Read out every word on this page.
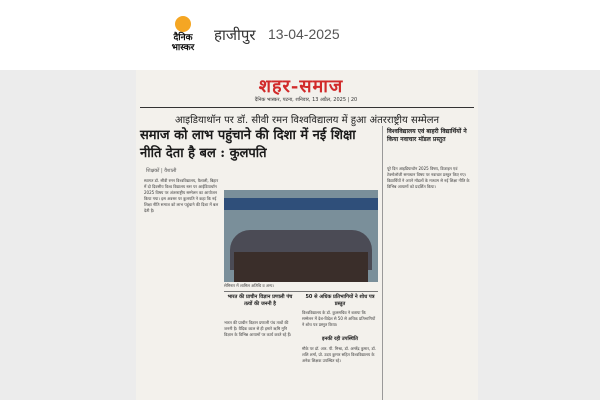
दैनिक भास्कर
हाजीपुर 13-04-2025
शहर-समाज
दैनिक भास्कर, पटना, शनिवार, 13 अप्रैल, 2025 | 20
आइडियाथॉन पर डॉ. सीवी रमन विश्वविद्यालय में हुआ अंतरराष्ट्रीय सम्मेलन
समाज को लाभ पहुंचाने की दिशा में नई शिक्षा नीति देता है बल : कुलपति
विश्वविद्यालय एवं बाहरी विद्यार्थियों ने किया नवाचार मॉडल प्रस्तुत
पूरे दिन आइडियाथॉन 2025 विषय, डिजाइन एवं टेक्नोलॉजी समाधान विषय पर नवाचार प्रस्तुत किए गए। विद्यार्थियों ने अपने मॉडलों के माध्यम से नई शिक्षा नीति के विभिन्न आयामों को प्रदर्शित किया।
शिक्षकों | वैशाली
स्वागत डॉ. सीवी रमन विश्वविद्यालय, वैशाली, बिहार में दो दिवसीय विश्व विद्यालय स्तर पर आईडियाथॉन 2025 विषय पर अंतरराष्ट्रीय सम्मेलन का आयोजन किया गया। इस अवसर पर कुलपति ने कहा कि नई शिक्षा नीति समाज को लाभ पहुंचाने की दिशा में बल देती है।
सेमिनार में शामिल अतिथि व अन्य।
भारत की प्राचीन विज्ञान प्रणाली पंच तत्वों की जननी है
50 से अधिक प्रतिभागियों ने शोध पत्र प्रस्तुत
भारत की प्राचीन विज्ञान प्रणाली पंच तत्वों की जननी है। वैदिक काल से ही हमारे ऋषि मुनि विज्ञान के विभिन्न आयामों पर कार्य करते रहे हैं।
विश्वविद्यालय के डॉ. कुलसचिव ने बताया कि सम्मेलन में देश-विदेश से 50 से अधिक प्रतिभागियों ने शोध पत्र प्रस्तुत किया।
इनकी रही उपस्थिति
मौके पर डॉ. आर. पी. मिश्रा, डॉ. अमरेंद्र कुमार, डॉ. शशि शर्मा, प्रो. उदय कुमार सहित विश्वविद्यालय के अनेक शिक्षक उपस्थित रहे।
